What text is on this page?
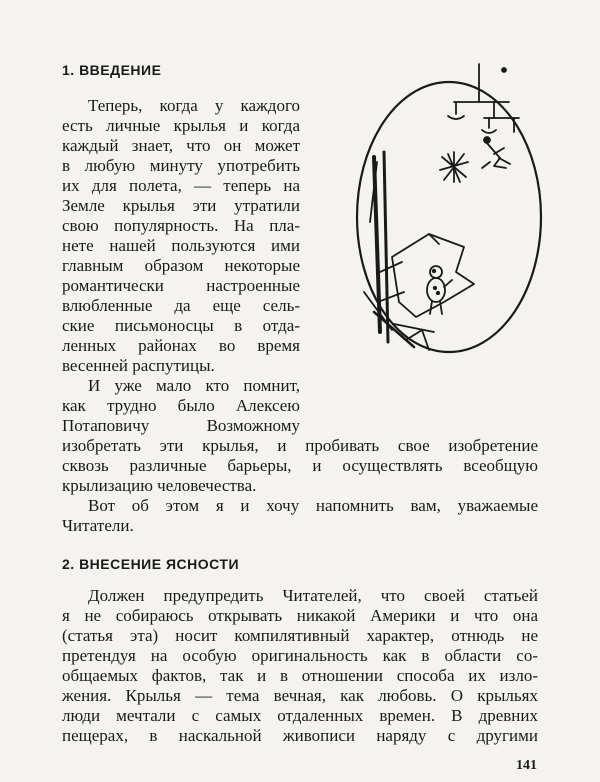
1. ВВЕДЕНИЕ

Теперь, когда у каждого

есть личные крылья и когда

каждый знает, что он может

в любую минуту употребить

их для полета, — теперь на

Земле крылья эти утратили

свою популярность. На пла-

нете нашей пользуются ими

главным образом некоторые

романтически настроенные

влюбленные да еще сель-

ские письмоносцы в отда-

ленных районах во время

весенней распутицы.

И уже мало кто помнит,

как трудно было Алексею

Потаповичу Возможному

изобретать эти крылья, и пробивать свое изобретение

сквозь различные барьеры, и осуществлять всеобщую

крылизацию человечества.

Вот об этом я и хочу напомнить вам, уважаемые

Читатели.

2. ВНЕСЕНИЕ ЯСНОСТИ

Должен предупредить Читателей, что своей статьей

я не собираюсь открывать никакой Америки и что она

(статья эта) носит компилятивный характер, отнюдь не

претендуя на особую оригинальность как в области со-

общаемых фактов, так и в отношении способа их изло-

жения. Крылья — тема вечная, как любовь. О крыльях

люди мечтали с самых отдаленных времен. В древних

пещерах, в наскальной живописи наряду с другими

141
